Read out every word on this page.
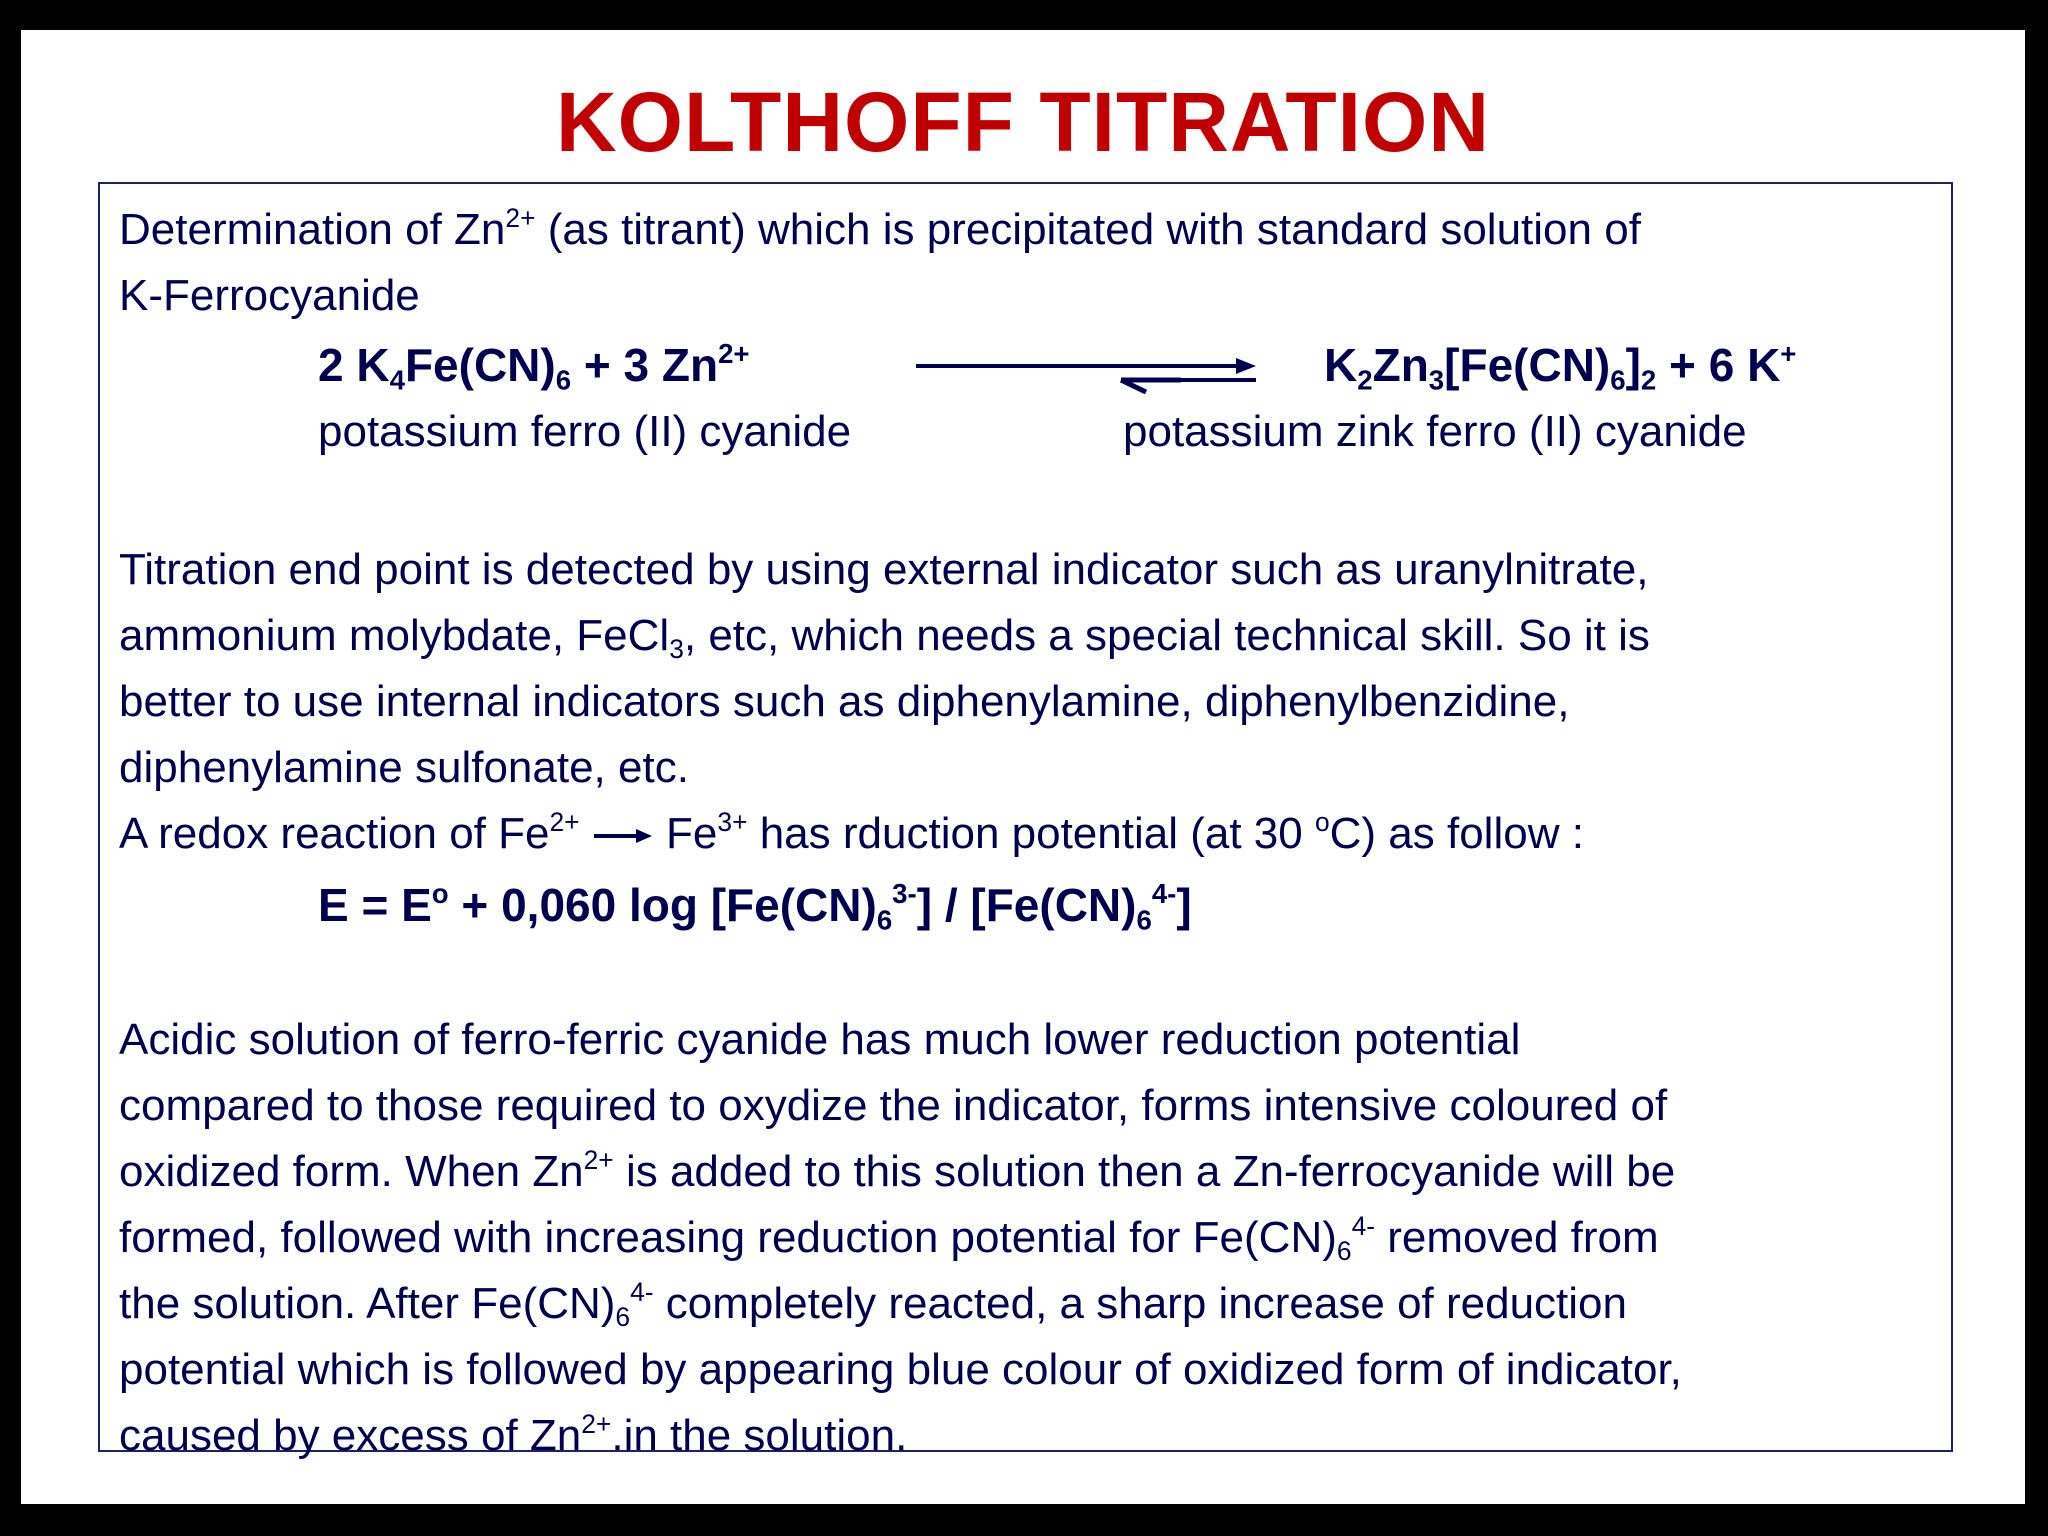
KOLTHOFF TITRATION
Determination of $Zn^{2+}$ (as titrant) which is precipitated with standard solution of
K-Ferrocyanide
2 $K_4Fe(CN)_6 + 3$ $Zn^{2+}$	$K_2Zn_3[Fe(CN)_6]_2 + 6$ K+
potassium ferro (II) cyanide	potassium zink ferro (II) cyanide
Titration end point is detected by using external indicator such as uranylnitrate,
ammonium molybdate, FeCl$_3$, etc, which needs a special technical skill. So it is
better to use internal indicators such as diphenylamine, diphenylbenzidine,
diphenylamine sulfonate, etc.
A redox reaction of $Fe^{2+}$ $Fe^{3+}$ has rduction potential (at 30 $^o$C) as follow :
$E = E^o + 0,060$ $\log [Fe(CN)_6^{3-}] / [Fe(CN)_6^{4-}]$
Acidic solution of ferro-ferric cyanide has much lower reduction potential
compared to those required to oxydize the indicator, forms intensive coloured of
oxidized form. When $Zn^{2+}$ is added to this solution then a Zn-ferrocyanide will be
formed, followed with increasing reduction potential for $Fe(CN)_6^{4-}$ removed from
the solution. After $Fe(CN)_6^{4-}$ completely reacted, a sharp increase of reduction
potential which is followed by appearing blue colour of oxidized form of indicator,
caused by excess of $Zn^{2+}.in$ the solution.
